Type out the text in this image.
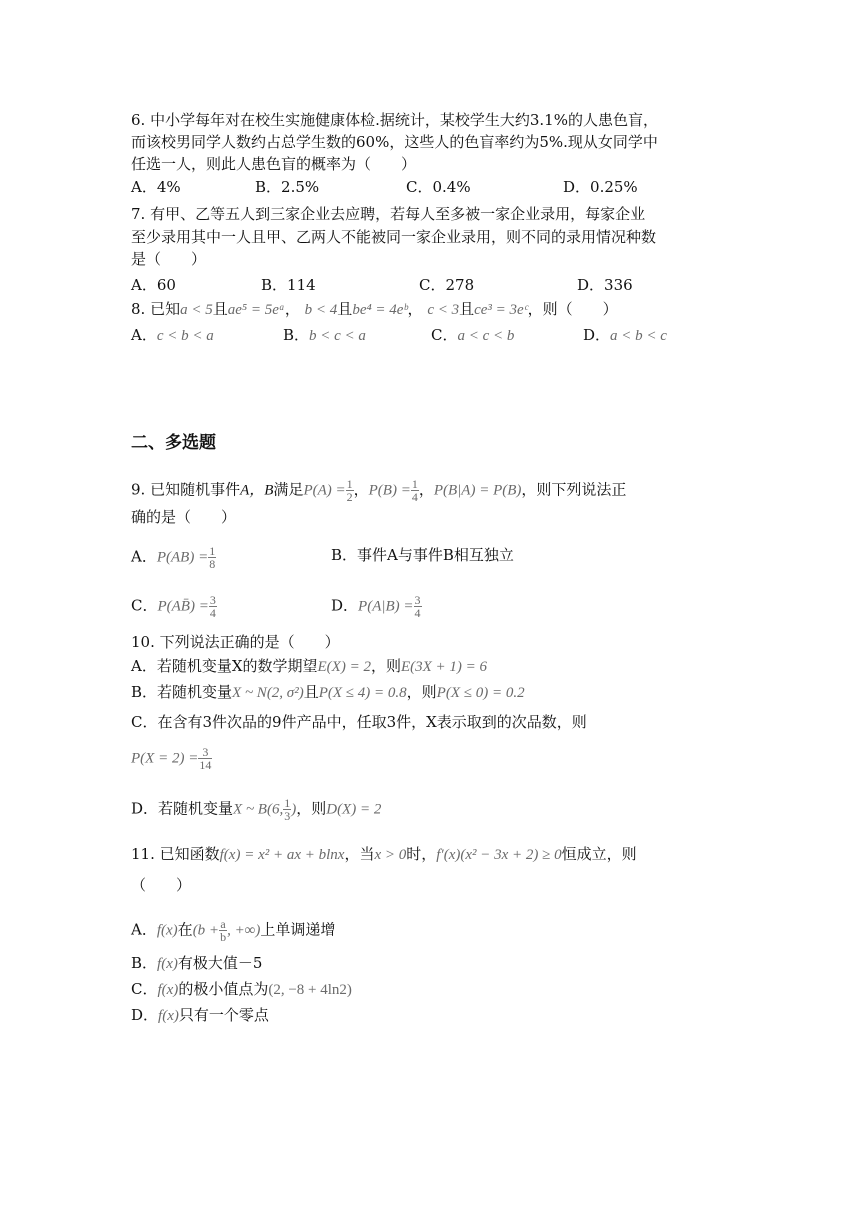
6. 中小学每年对在校生实施健康体检.据统计，某校学生大约3.1%的人患色盲，
而该校男同学人数约占总学生数的60%，这些人的色盲率约为5%.现从女同学中
任选一人，则此人患色盲的概率为（　　）
A．4%	B．2.5%	C．0.4%	D．0.25%
7. 有甲、乙等五人到三家企业去应聘，若每人至多被一家企业录用，每家企业
至少录用其中一人且甲、乙两人不能被同一家企业录用，则不同的录用情况种数
是（　　）
A．60	B．114	C．278	D．336
8. 已知a < 5且ae⁵ = 5eᵃ， b < 4且be⁴ = 4eᵇ， c < 3且ce³ = 3eᶜ，则（　　）
A．c < b < a	B．b < c < a	C．a < c < b	D．a < b < c
二、多选题
9. 已知随机事件A，B满足$P(A) = \frac{1}{2}$ ，$P(B) = \frac{1}{4}$ ，P(B|A) = P(B)，则下列说法正
确的是（　　）
A．$P(AB) = \frac{1}{8}$	B．事件A与事件B相互独立
C．P(AB̄) = $\frac{3}{4}$	D．$P(A|B) = \frac{3}{4}$
10. 下列说法正确的是（　　）
A．若随机变量X的数学期望E(X) = 2，则E(3X + 1) = 6
B．若随机变量X ~ N(2, σ²)且P(X ≤ 4) = 0.8，则P(X ≤ 0) = 0.2
C．在含有3件次品的9件产品中，任取3件，X表示取到的次品数，则
$P(X = 2) = \frac{3}{14}$
D．若随机变量X ~ B(6, $\frac{1}{3}$ )，则D(X) = 2
11. 已知函数f(x) = x² + ax + blnx，当x > 0时，f′(x)(x² − 3x + 2) ≥ 0恒成立，则
（　　）
A．f(x)在($b + \frac{a}{b}$ , +∞)上单调递增
B．f(x)有极大值－5
C．f(x)的极小值点为(2, −8 + 4ln2)
D．f(x)只有一个零点
